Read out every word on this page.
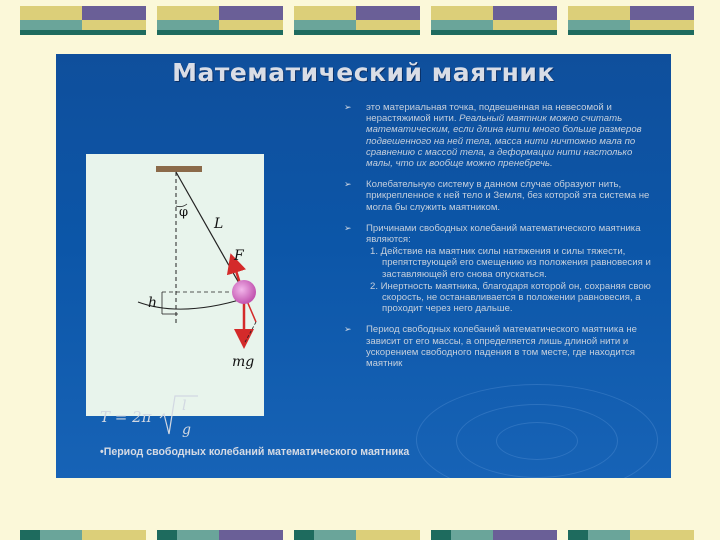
Математический маятник
φ
L
F
h
mg
➢ это материальная точка, подвешенная на невесомой и нерастяжимой нити. Реальный маятник можно считать математическим, если длина нити много больше размеров подвешенного на ней тела, масса нити ничтожно мала по сравнению с массой тела, а деформации нити настолько малы, что их вообще можно пренебречь.
➢ Колебательную систему в данном случае образуют нить, прикрепленное к ней тело и Земля, без которой эта система не могла бы служить маятником.
➢ Причинами свободных колебаний математического маятника являются:
1. Действие на маятник силы натяжения и силы тяжести, препятствующей его смещению из положения равновесия и заставляющей его снова опускаться.
2. Инертность маятника, благодаря которой он, сохраняя свою скорость, не останавливается в положении равновесия, а проходит через него дальше.
➢ Период свободных колебаний математического маятника не зависит от его массы, а определяется лишь длиной нити и ускорением свободного падения в том месте, где находится маятник
T = 2π
l
g
•Период свободных колебаний математического маятника
